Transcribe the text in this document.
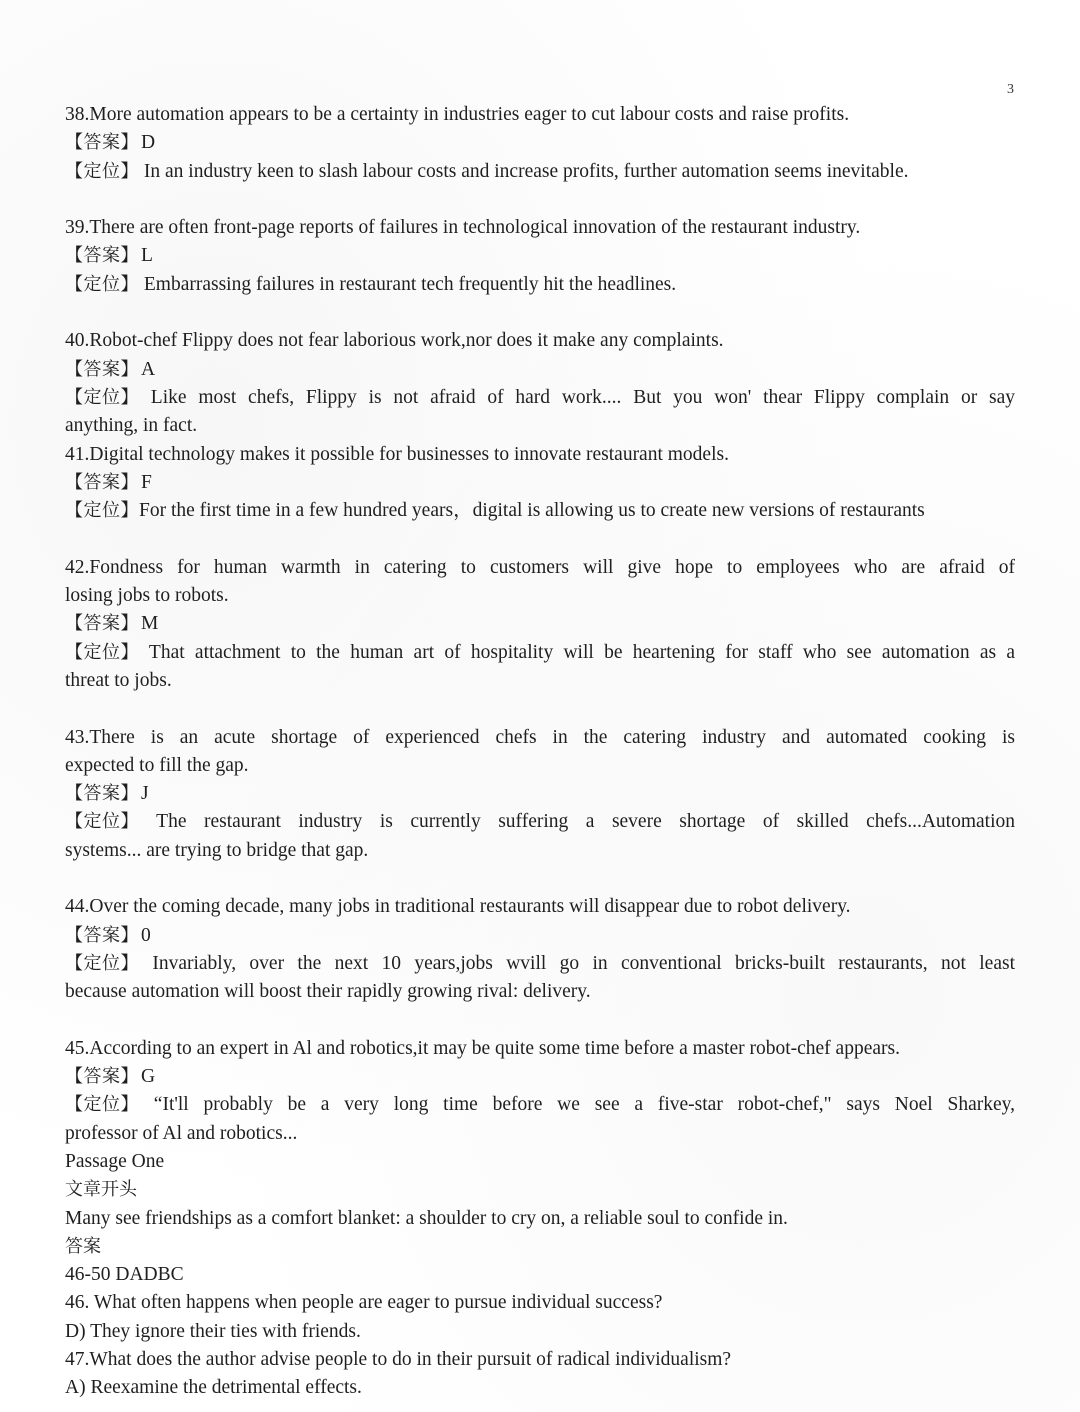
3

38.More automation appears to be a certainty in industries eager to cut labour costs and raise profits.

【答案】 D

【定位】 In an industry keen to slash labour costs and increase profits, further automation seems inevitable.

39.There are often front-page reports of failures in technological innovation of the restaurant industry.

【答案】 L

【定位】 Embarrassing failures in restaurant tech frequently hit the headlines.

40.Robot-chef Flippy does not fear laborious work,nor does it make any complaints.

【答案】 A

【定位】 Like most chefs, Flippy is not afraid of hard work.... But you won' thear Flippy complain or say

anything, in fact.

41.Digital technology makes it possible for businesses to innovate restaurant models.

【答案】 F

【定位】For the first time in a few hundred years，digital is allowing us to create new versions of restaurants

42.Fondness for human warmth in catering to customers will give hope to employees who are afraid of

losing jobs to robots.

【答案】 M

【定位】 That attachment to the human art of hospitality will be heartening for staff who see automation as a

threat to jobs.

43.There is an acute shortage of experienced chefs in the catering industry and automated cooking is

expected to fill the gap.

【答案】 J

【定位】 The restaurant industry is currently suffering a severe shortage of skilled chefs...Automation

systems... are trying to bridge that gap.

44.Over the coming decade, many jobs in traditional restaurants will disappear due to robot delivery.

【答案】 0

【定位】 Invariably, over the next 10 years,jobs wvill go in conventional bricks-built restaurants, not least

because automation will boost their rapidly growing rival: delivery.

45.According to an expert in Al and robotics,it may be quite some time before a master robot-chef appears.

【答案】 G

【定位】 “It'll probably be a very long time before we see a five-star robot-chef," says Noel Sharkey,

professor of Al and robotics...

Passage One

文章开头

Many see friendships as a comfort blanket: a shoulder to cry on, a reliable soul to confide in.

答案

46-50 DADBC

46. What often happens when people are eager to pursue individual success?

D) They ignore their ties with friends.

47.What does the author advise people to do in their pursuit of radical individualism?

A) Reexamine the detrimental effects.
